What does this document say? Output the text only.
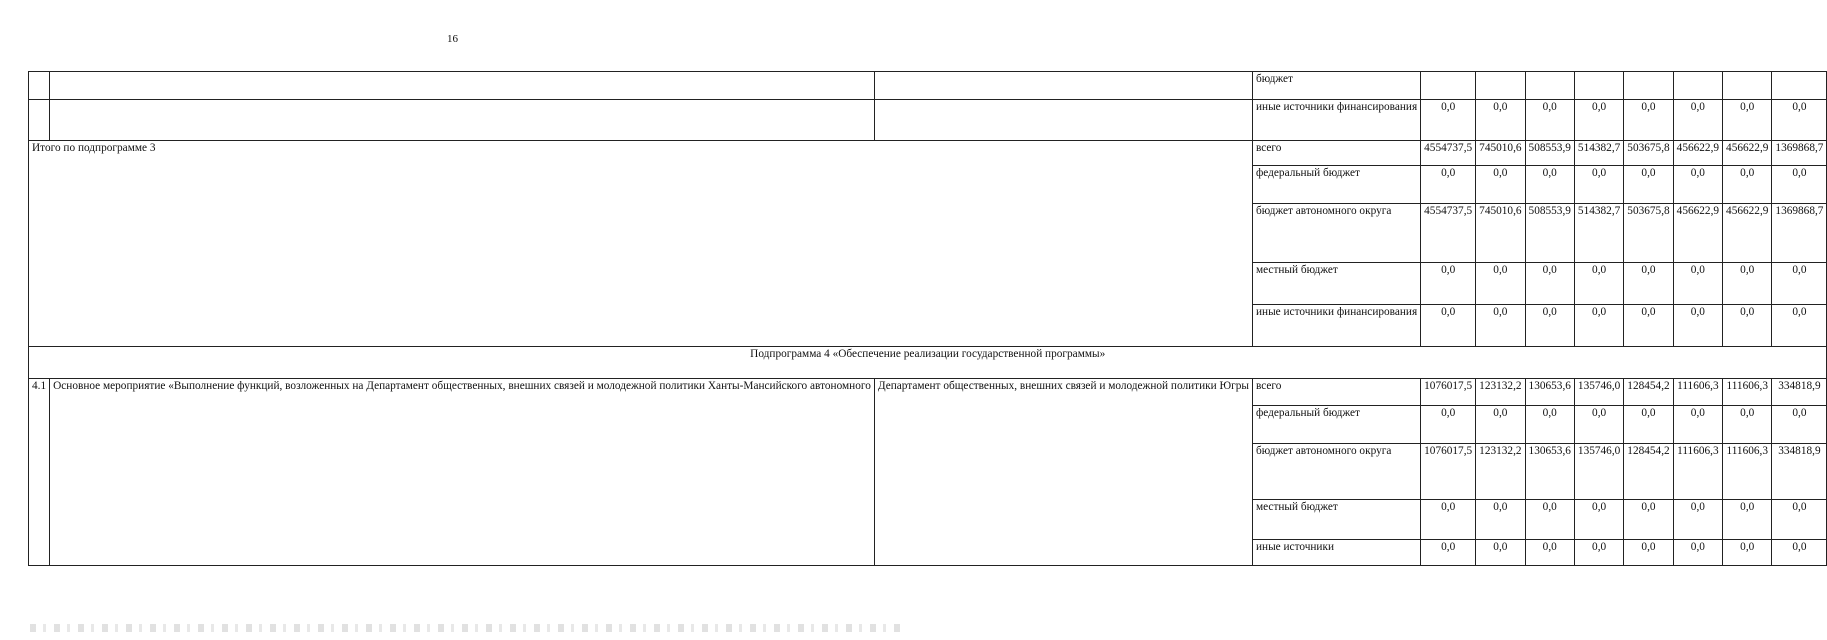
16
			бюджет								
			иные источники финансирования	0,0	0,0	0,0	0,0	0,0	0,0	0,0	0,0
Итого по подпрограмме 3			всего	4554737,5	745010,6	508553,9	514382,7	503675,8	456622,9	456622,9	1369868,7
			федеральный бюджет	0,0	0,0	0,0	0,0	0,0	0,0	0,0	0,0
			бюджет автономного округа	4554737,5	745010,6	508553,9	514382,7	503675,8	456622,9	456622,9	1369868,7
			местный бюджет	0,0	0,0	0,0	0,0	0,0	0,0	0,0	0,0
			иные источники финансирования	0,0	0,0	0,0	0,0	0,0	0,0	0,0	0,0
Подпрограмма 4 «Обеспечение реализации государственной программы»											
4.1	Основное мероприятие «Выполнение функций, возложенных на Департамент общественных, внешних связей и молодежной политики Ханты-Мансийского автономного	Департамент общественных, внешних связей и молодежной политики Югры	всего	1076017,5	123132,2	130653,6	135746,0	128454,2	111606,3	111606,3	334818,9
			федеральный бюджет	0,0	0,0	0,0	0,0	0,0	0,0	0,0	0,0
			бюджет автономного округа	1076017,5	123132,2	130653,6	135746,0	128454,2	111606,3	111606,3	334818,9
			местный бюджет	0,0	0,0	0,0	0,0	0,0	0,0	0,0	0,0
			иные источники	0,0	0,0	0,0	0,0	0,0	0,0	0,0	0,0
